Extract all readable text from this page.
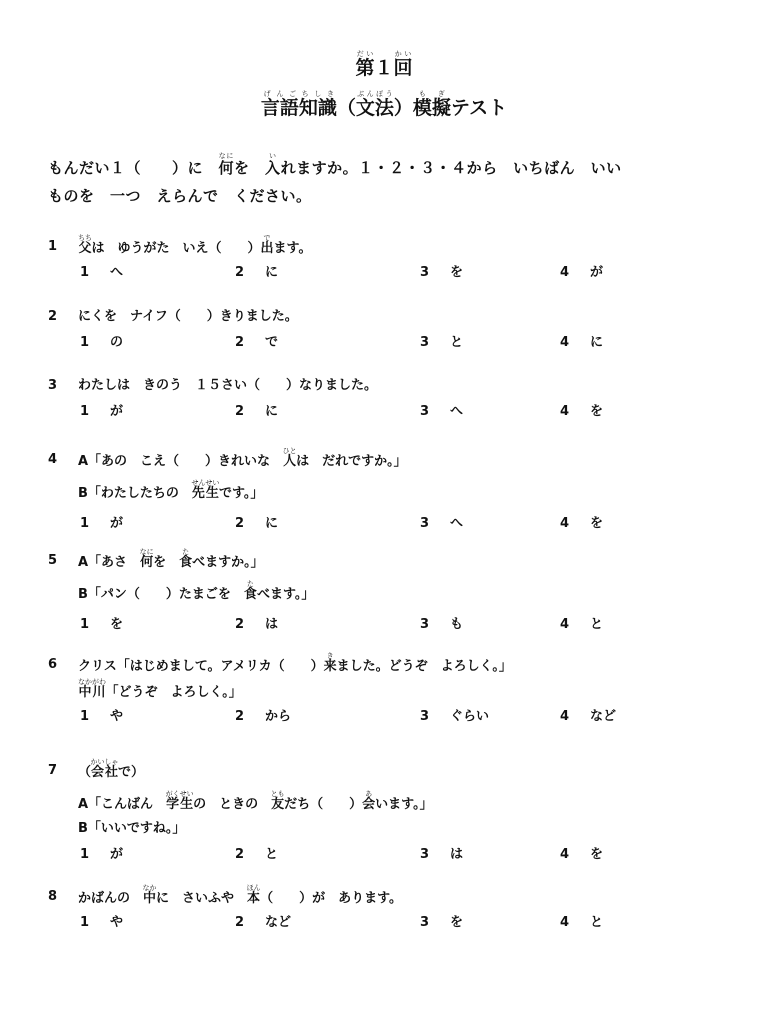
第だい１回かい
言語げんご知識ちしき（文法ぶんぽう）模擬もぎテスト
もんだい１（　　）に　何なにを　入いれますか。１・２・３・４から　いちばん　いい
ものを　一つ　えらんで　ください。
1 父ちちは　ゆうがた　いえ（　　）出でます。
1 へ	2 に	3 を	4 が
2 にくを　ナイフ（　　）きりました。
1 の	2 で	3 と	4 に
3 わたしは　きのう　１５さい（　　）なりました。
1 が	2 に	3 へ	4 を
4 A「あの　こえ（　　）きれいな　人ひとは　だれですか。」
B「わたしたちの　先生せんせいです。」
1 が	2 に	3 へ	4 を
5 A「あさ　何なにを　食たべますか。」
B「パン（　　）たまごを　食たべます。」
1 を	2 は	3 も	4 と
6 クリス「はじめまして。アメリカ（　　）来きました。どうぞ　よろしく。」
中川なかがわ「どうぞ　よろしく。」
1 や	2 から	3 ぐらい	4 など
7 （会社かいしゃで）
A「こんばん　学生がくせいの　ときの　友ともだち（　　）会あいます。」
B「いいですね。」
1 が	2 と	3 は	4 を
8 かばんの　中なかに　さいふや　本ほん（　　）が　あります。
1 や	2 など	3 を	4 と
